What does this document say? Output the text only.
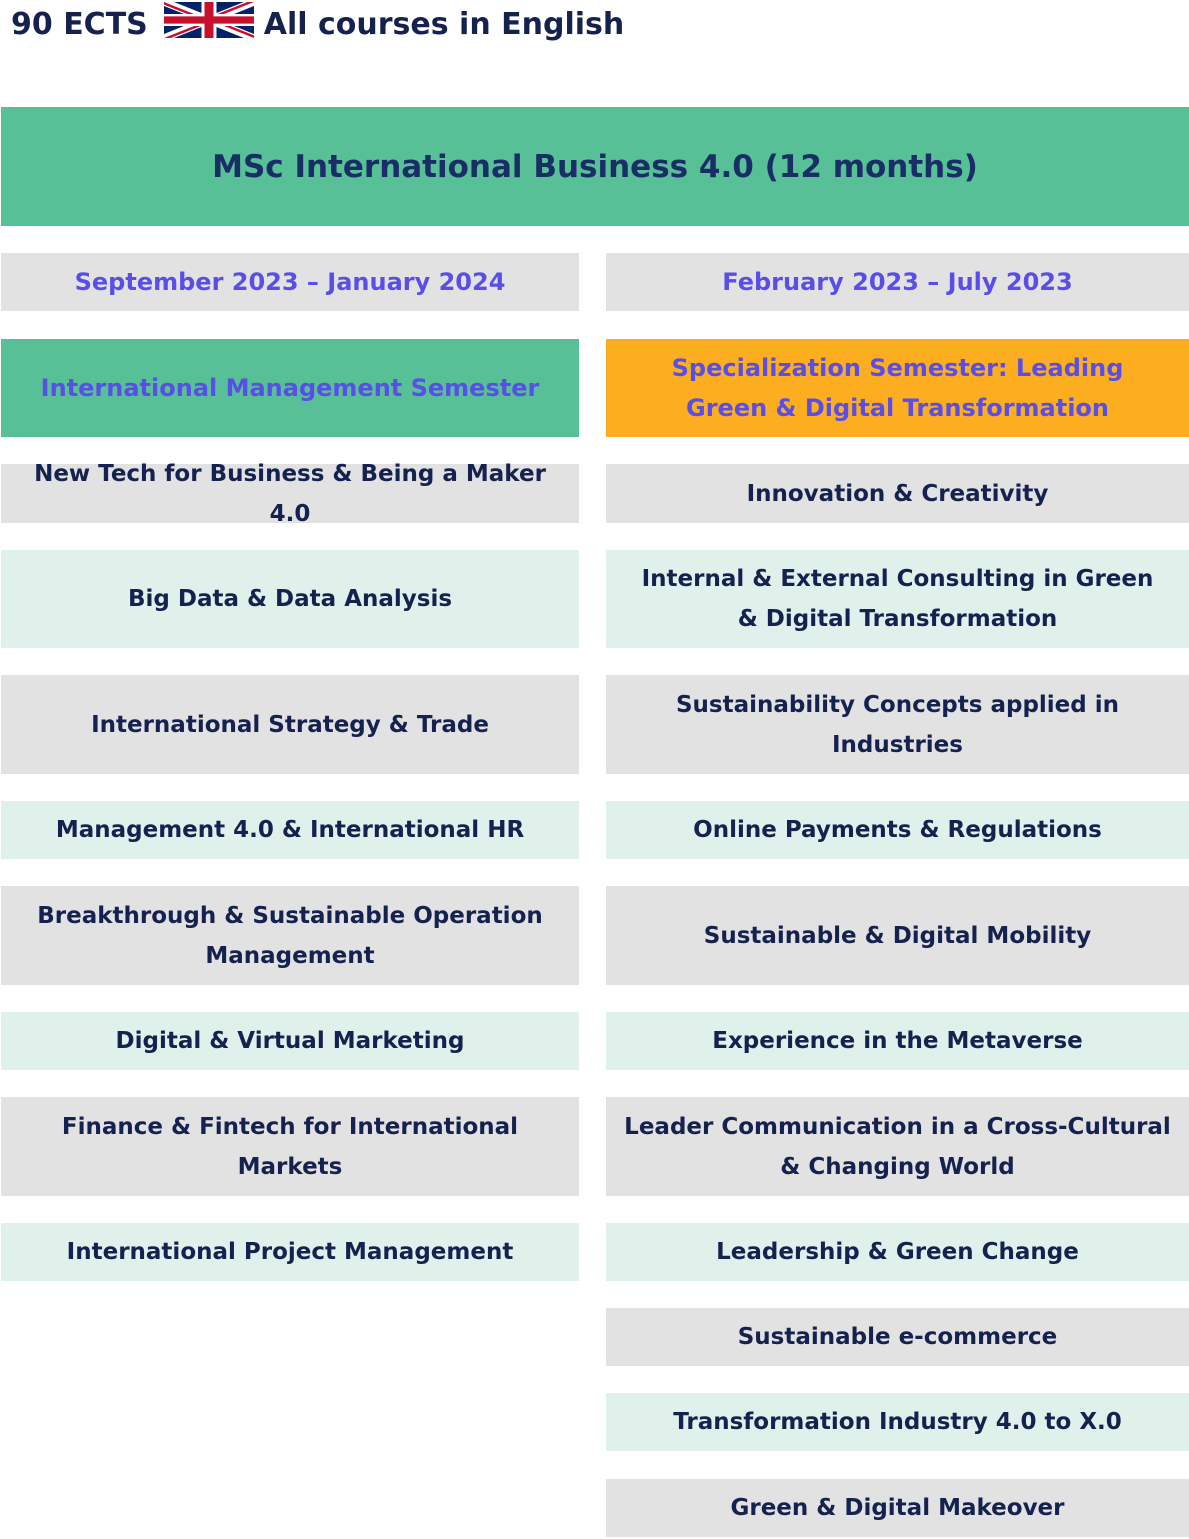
90 ECTS	All courses in English
MSc International Business 4.0 (12 months)
September 2023 – January 2024	February 2023 – July 2023
International Management Semester
Specialization Semester: Leading Green & Digital Transformation
New Tech for Business & Being a Maker 4.0
Big Data & Data Analysis
International Strategy & Trade
Management 4.0 & International HR
Breakthrough & Sustainable Operation Management
Digital & Virtual Marketing
Finance & Fintech for International Markets
International Project Management
Innovation & Creativity
Internal & External Consulting in Green & Digital Transformation
Sustainability Concepts applied in Industries
Online Payments & Regulations
Sustainable & Digital Mobility
Experience in the Metaverse
Leader Communication in a Cross-Cultural & Changing World
Leadership & Green Change
Sustainable e-commerce
Transformation Industry 4.0 to X.0
Green & Digital Makeover
